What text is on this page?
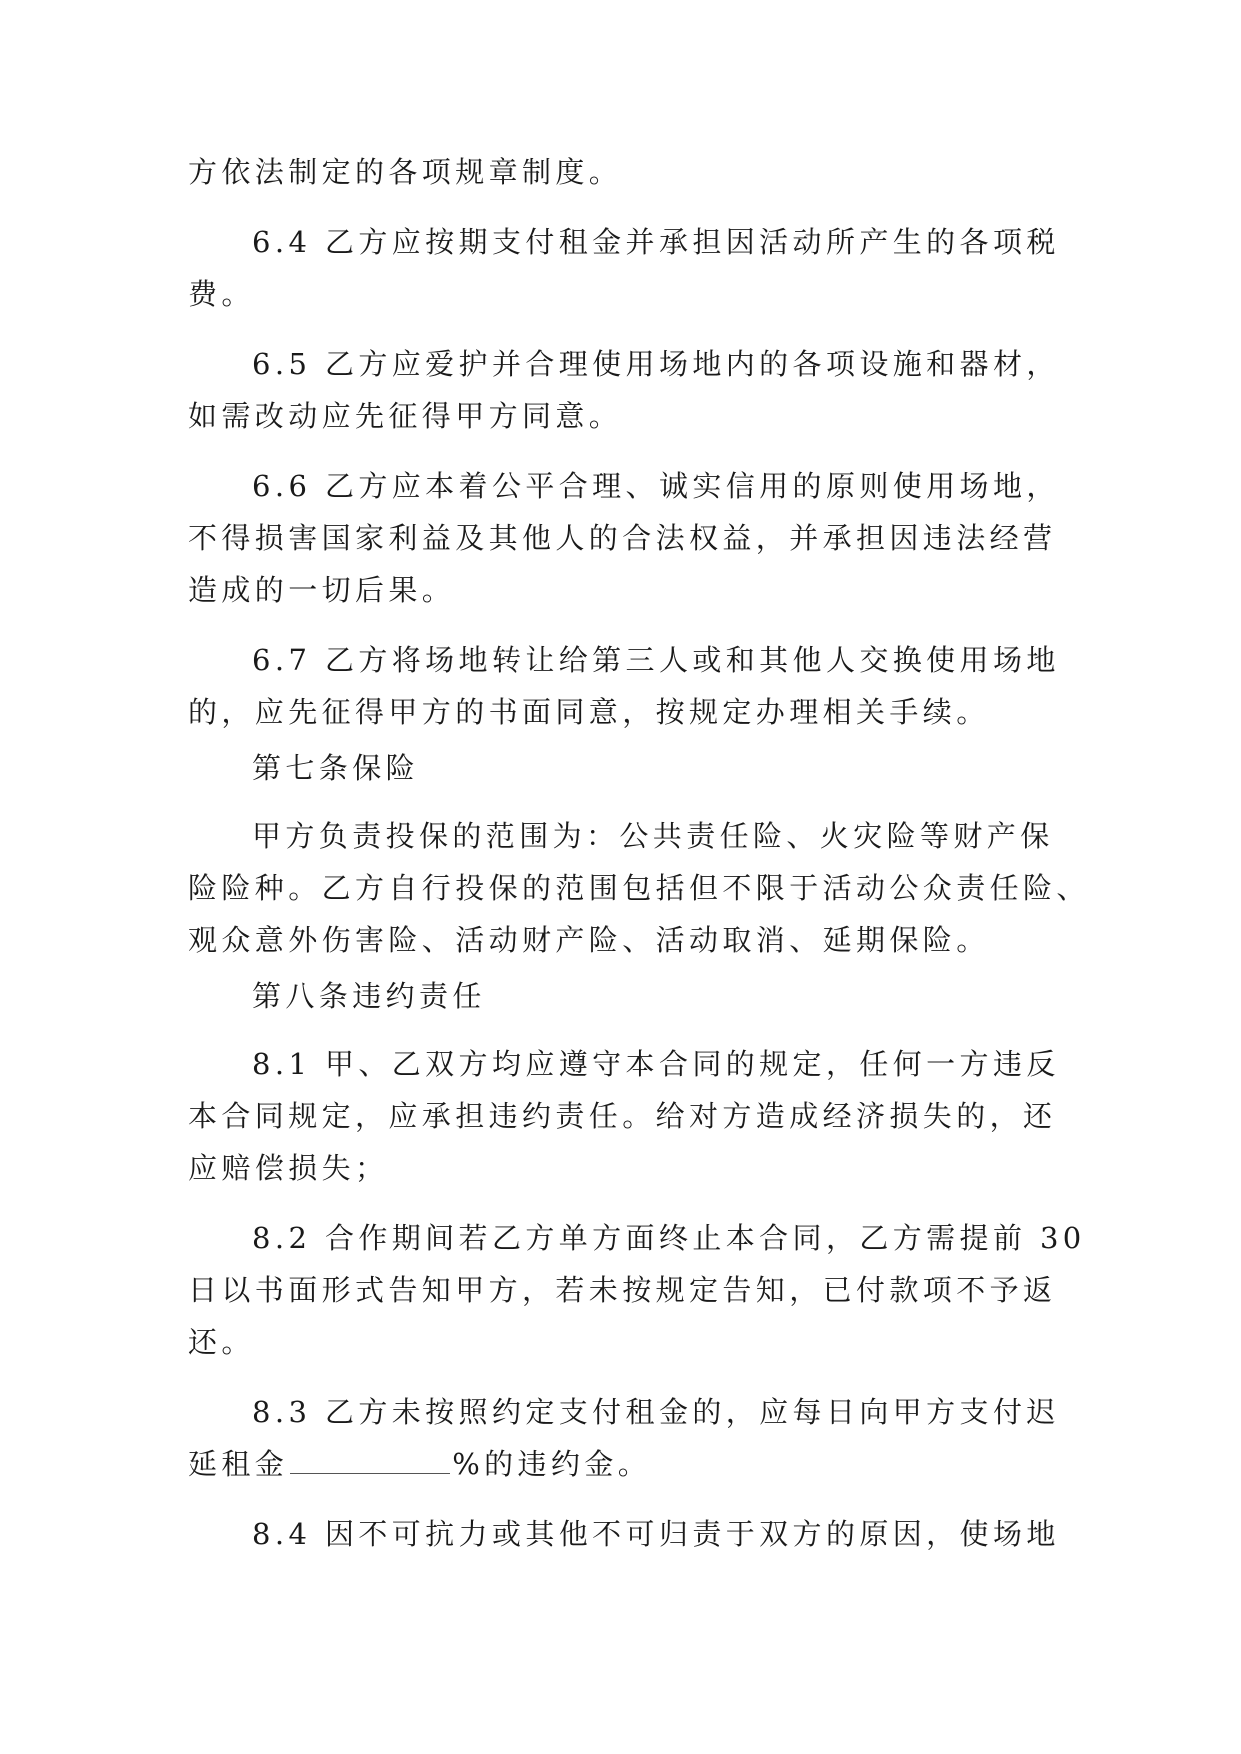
方依法制定的各项规章制度。
6.4 乙方应按期支付租金并承担因活动所产生的各项税
费。
6.5 乙方应爱护并合理使用场地内的各项设施和器材，
如需改动应先征得甲方同意。
6.6 乙方应本着公平合理、诚实信用的原则使用场地，
不得损害国家利益及其他人的合法权益，并承担因违法经营
造成的一切后果。
6.7 乙方将场地转让给第三人或和其他人交换使用场地
的，应先征得甲方的书面同意，按规定办理相关手续。
第七条保险
甲方负责投保的范围为：公共责任险、火灾险等财产保
险险种。乙方自行投保的范围包括但不限于活动公众责任险、
观众意外伤害险、活动财产险、活动取消、延期保险。
第八条违约责任
8.1 甲、乙双方均应遵守本合同的规定，任何一方违反
本合同规定，应承担违约责任。给对方造成经济损失的，还
应赔偿损失；
8.2 合作期间若乙方单方面终止本合同，乙方需提前 30
日以书面形式告知甲方，若未按规定告知，已付款项不予返
还。
8.3 乙方未按照约定支付租金的，应每日向甲方支付迟
延租金	%的违约金。
8.4 因不可抗力或其他不可归责于双方的原因，使场地
